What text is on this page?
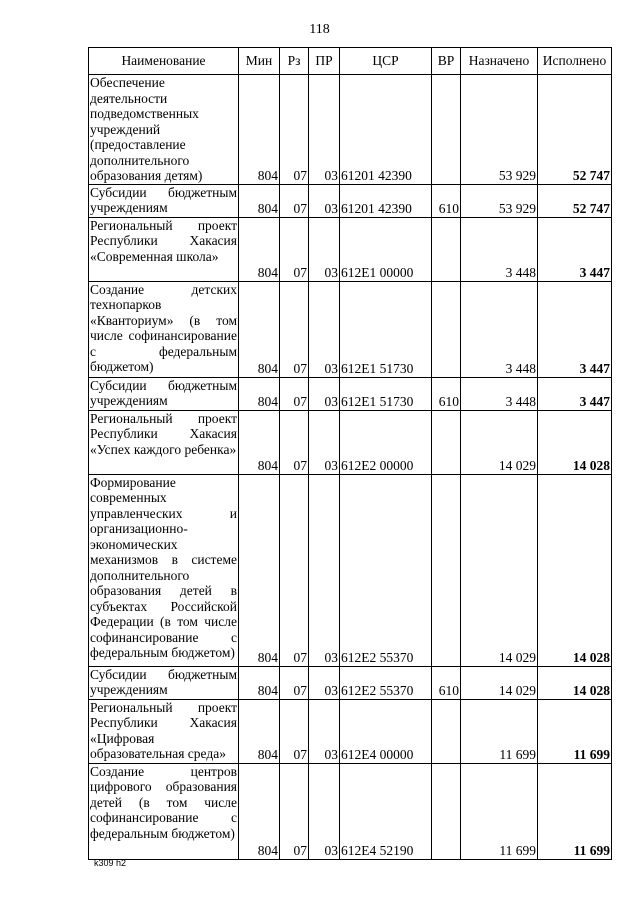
118
Наименование	Мин	Рз	ПР	ЦСР	ВР	Назначено	Исполнено
Обеспечение деятельности подведомственных учреждений (предоставление дополнительного образования детям)	804	07	03	61201 42390		53 929	52 747
Субсидии бюджетным учреждениям	804	07	03	61201 42390	610	53 929	52 747
Региональный проект Республики Хакасия «Современная школа»	804	07	03	612Е1 00000		3 448	3 447
Создание детских технопарков «Кванториум» (в том числе софинансирование с федеральным бюджетом)	804	07	03	612Е1 51730		3 448	3 447
Субсидии бюджетным учреждениям	804	07	03	612Е1 51730	610	3 448	3 447
Региональный проект Республики Хакасия «Успех каждого ребенка»	804	07	03	612Е2 00000		14 029	14 028
Формирование современных управленческих и организационно-экономических механизмов в системе дополнительного образования детей в субъектах Российской Федерации (в том числе софинансирование с федеральным бюджетом)	804	07	03	612Е2 55370		14 029	14 028
Субсидии бюджетным учреждениям	804	07	03	612Е2 55370	610	14 029	14 028
Региональный проект Республики Хакасия «Цифровая образовательная среда»	804	07	03	612Е4 00000		11 699	11 699
Создание центров цифрового образования детей (в том числе софинансирование с федеральным бюджетом)	804	07	03	612Е4 52190		11 699	11 699
k309 h2
